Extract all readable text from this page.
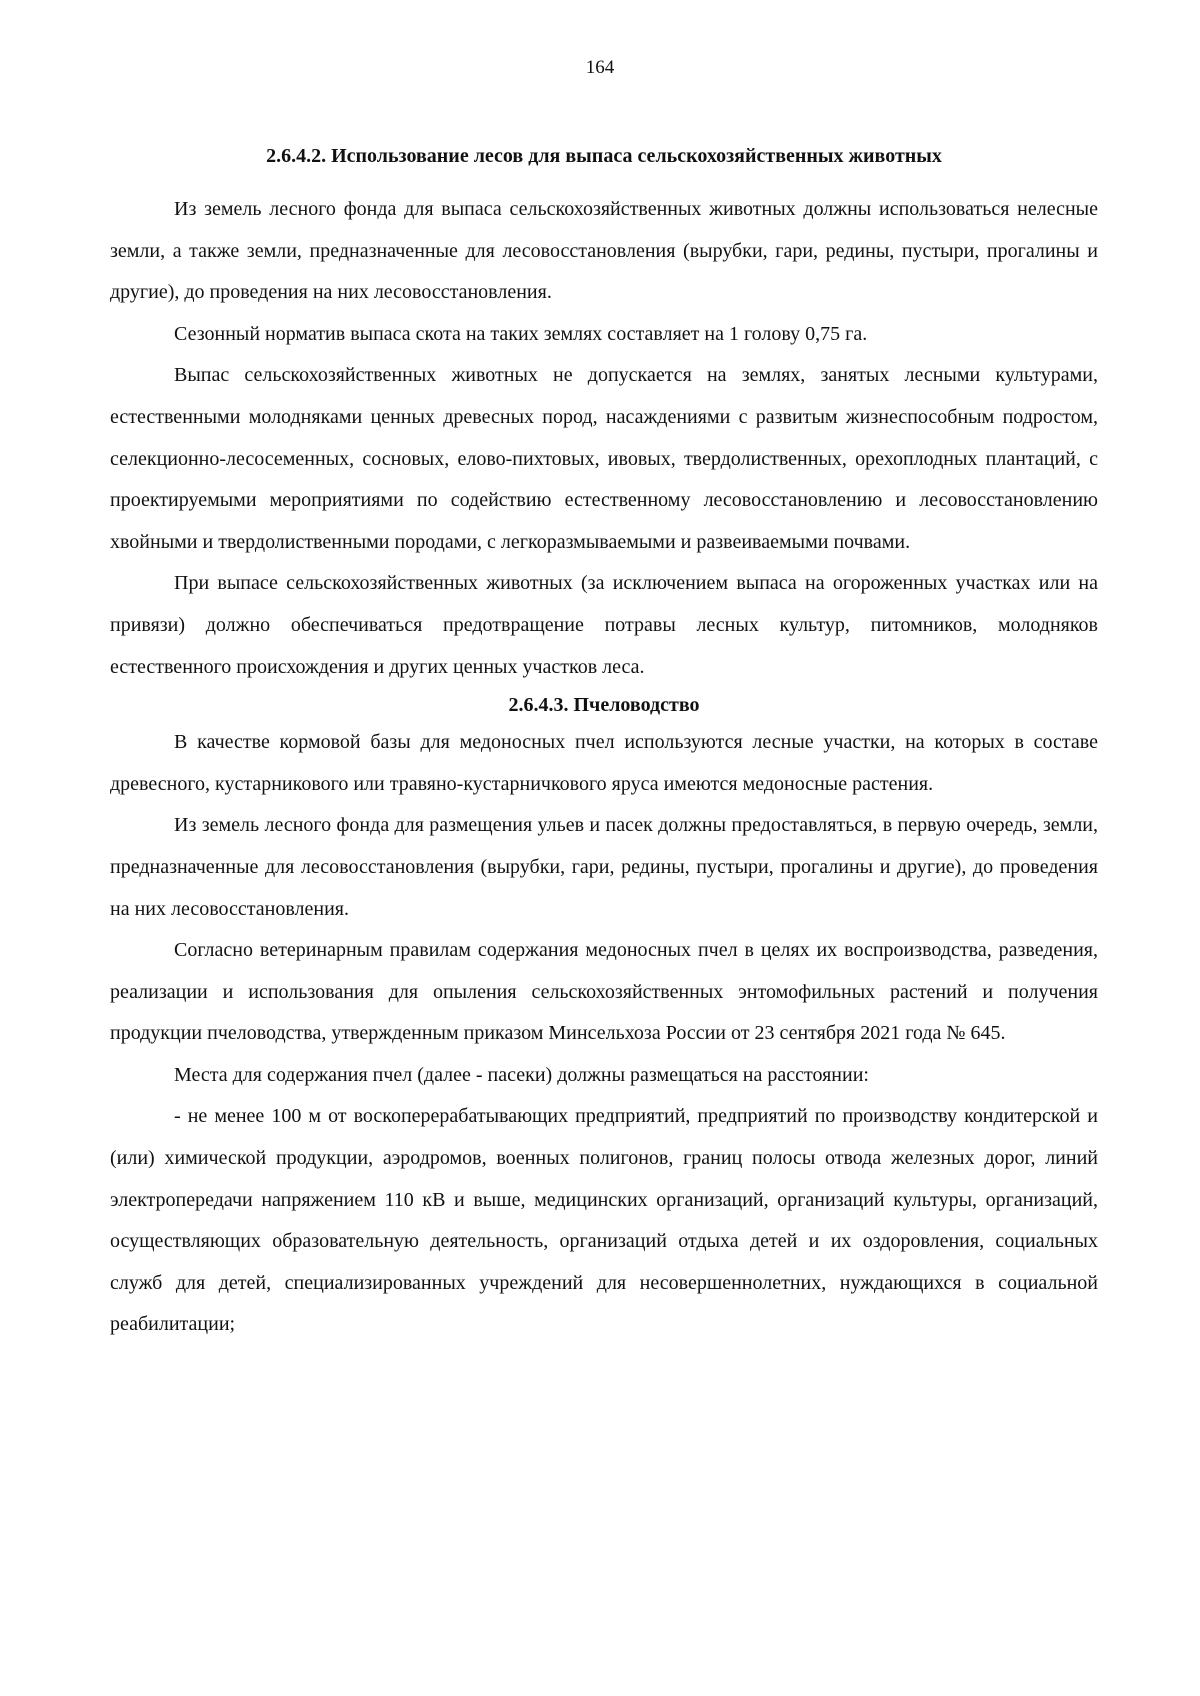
164
2.6.4.2. Использование лесов для выпаса сельскохозяйственных животных

Из земель лесного фонда для выпаса сельскохозяйственных животных должны использоваться нелесные земли, а также земли, предназначенные для лесовосстановления (вырубки, гари, редины, пустыри, прогалины и другие), до проведения на них лесовосстановления.

Сезонный норматив выпаса скота на таких землях составляет на 1 голову 0,75 га.

Выпас сельскохозяйственных животных не допускается на землях, занятых лесными культурами, естественными молодняками ценных древесных пород, насаждениями с развитым жизнеспособным подростом, селекционно-лесосеменных, сосновых, елово-пихтовых, ивовых, твердолиственных, орехоплодных плантаций, с проектируемыми мероприятиями по содействию естественному лесовосстановлению и лесовосстановлению хвойными и твердолиственными породами, с легкоразмываемыми и развеиваемыми почвами.

При выпасе сельскохозяйственных животных (за исключением выпаса на огороженных участках или на привязи) должно обеспечиваться предотвращение потравы лесных культур, питомников, молодняков естественного происхождения и других ценных участков леса.

2.6.4.3. Пчеловодство

В качестве кормовой базы для медоносных пчел используются лесные участки, на которых в составе древесного, кустарникового или травяно-кустарничкового яруса имеются медоносные растения.

Из земель лесного фонда для размещения ульев и пасек должны предоставляться, в первую очередь, земли, предназначенные для лесовосстановления (вырубки, гари, редины, пустыри, прогалины и другие), до проведения на них лесовосстановления.

Согласно ветеринарным правилам содержания медоносных пчел в целях их воспроизводства, разведения, реализации и использования для опыления сельскохозяйственных энтомофильных растений и получения продукции пчеловодства, утвержденным приказом Минсельхоза России от 23 сентября 2021 года № 645.

Места для содержания пчел (далее - пасеки) должны размещаться на расстоянии:

- не менее 100 м от воскоперерабатывающих предприятий, предприятий по производству кондитерской и (или) химической продукции, аэродромов, военных полигонов, границ полосы отвода железных дорог, линий электропередачи напряжением 110 кВ и выше, медицинских организаций, организаций культуры, организаций, осуществляющих образовательную деятельность, организаций отдыха детей и их оздоровления, социальных служб для детей, специализированных учреждений для несовершеннолетних, нуждающихся в социальной реабилитации;
